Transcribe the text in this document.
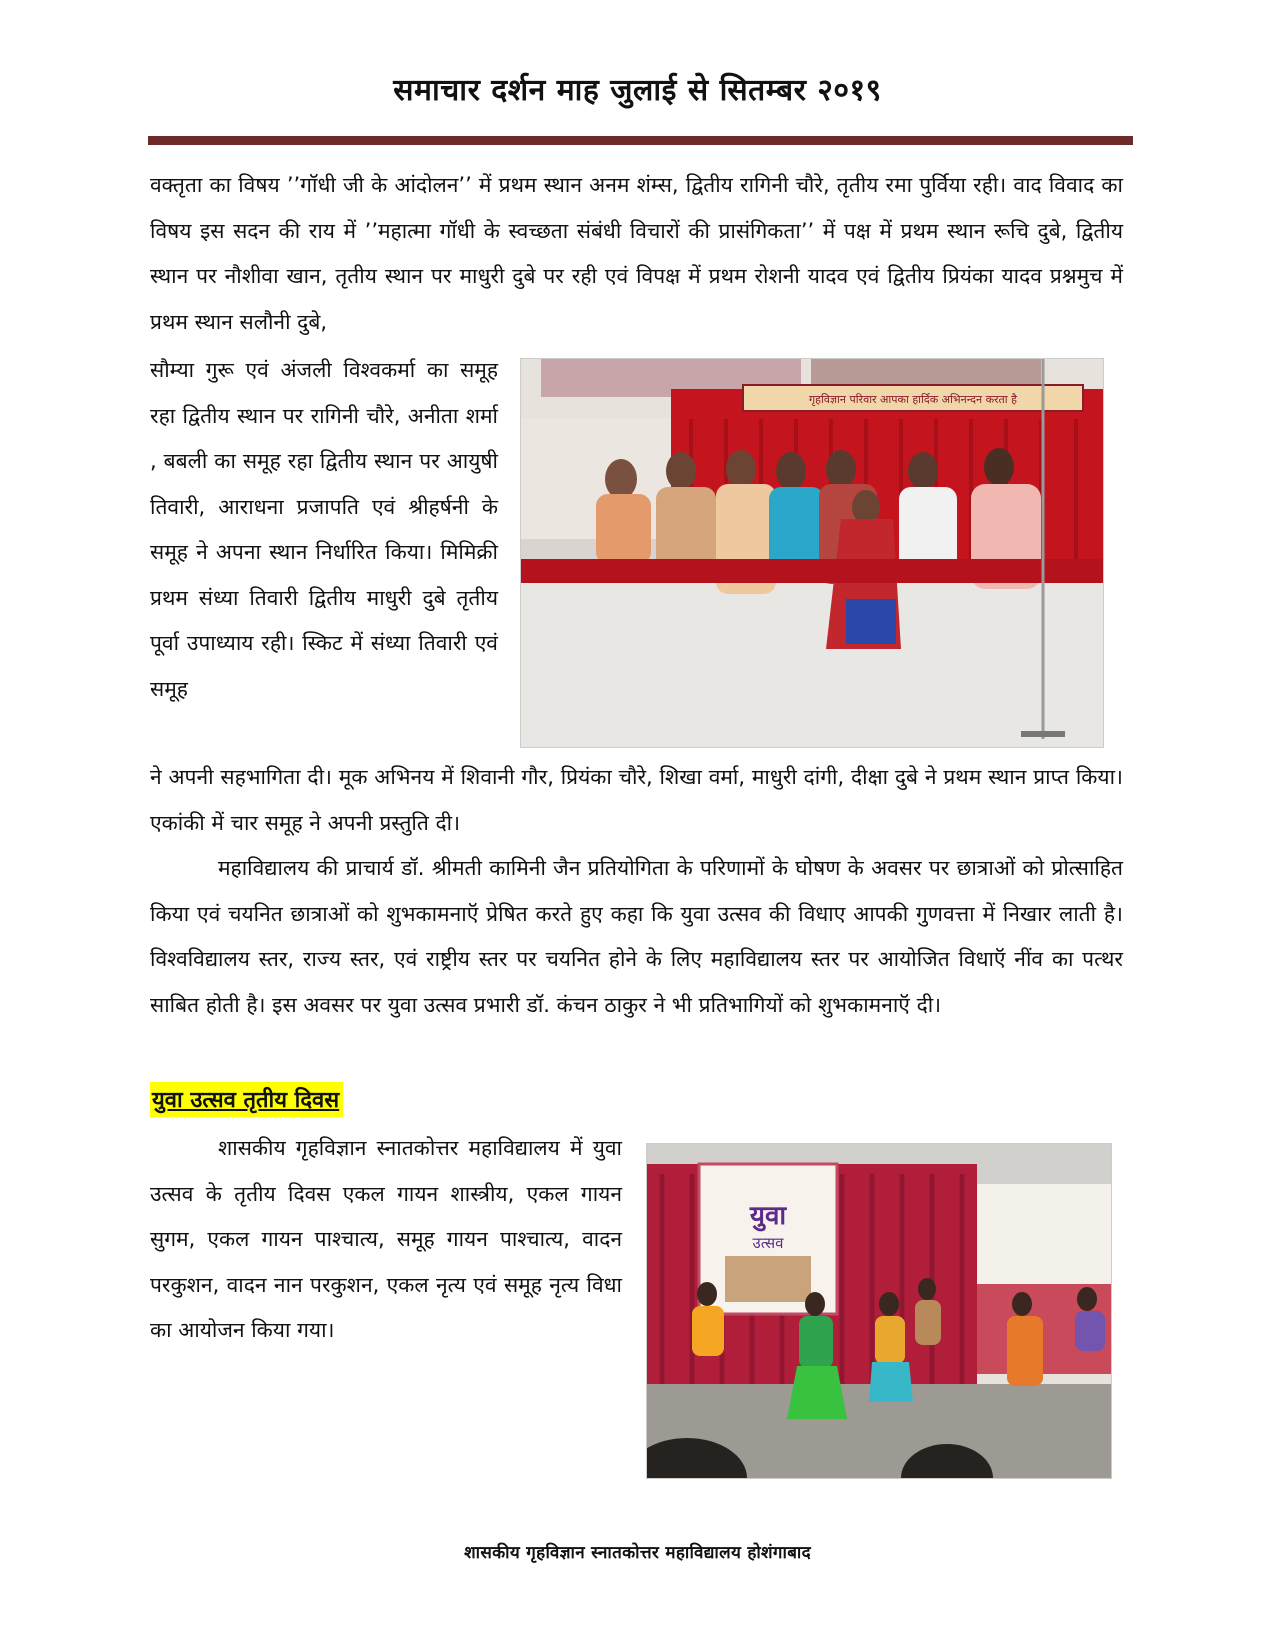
समाचार दर्शन माह जुलाई से सितम्बर २०१९

वक्तृता का विषय ’’गॉधी जी के आंदोलन’’ में प्रथम स्थान अनम शंम्स, द्वितीय रागिनी चौरे, तृतीय रमा पुर्विया रही। वाद विवाद का विषय इस सदन की राय में ’’महात्मा गॉधी के स्वच्छता संबंधी विचारों की प्रासंगिकता’’ में पक्ष में प्रथम स्थान रूचि दुबे, द्वितीय स्थान पर नौशीवा खान, तृतीय स्थान पर माधुरी दुबे पर रही एवं विपक्ष में प्रथम रोशनी यादव एवं द्वितीय प्रियंका यादव प्रश्नमुच में प्रथम स्थान सलौनी दुबे,

सौम्या गुरू एवं अंजली विश्वकर्मा का समूह रहा द्वितीय स्थान पर रागिनी चौरे, अनीता शर्मा , बबली का समूह रहा द्वितीय स्थान पर आयुषी तिवारी, आराधना प्रजापति एवं श्रीहर्षनी के समूह ने अपना स्थान निर्धारित किया। मिमिक्री प्रथम संध्या तिवारी द्वितीय माधुरी दुबे तृतीय पूर्वा उपाध्याय रही। स्किट में संध्या तिवारी एवं समूह

गृहविज्ञान परिवार आपका हार्दिक अभिनन्दन करता है

ने अपनी सहभागिता दी। मूक अभिनय में शिवानी गौर, प्रियंका चौरे, शिखा वर्मा, माधुरी दांगी, दीक्षा दुबे ने प्रथम स्थान प्राप्त किया। एकांकी में चार समूह ने अपनी प्रस्तुति दी।

महाविद्यालय की प्राचार्य डॉ. श्रीमती कामिनी जैन प्रतियोगिता के परिणामों के घोषण के अवसर पर छात्राओं को प्रोत्साहित किया एवं चयनित छात्राओं को शुभकामनाऍ प्रेषित करते हुए कहा कि युवा उत्सव की विधाए आपकी गुणवत्ता में निखार लाती है। विश्वविद्यालय स्तर, राज्य स्तर, एवं राष्ट्रीय स्तर पर चयनित होने के लिए महाविद्यालय स्तर पर आयोजित विधाऍ नींव का पत्थर साबित होती है। इस अवसर पर युवा उत्सव प्रभारी डॉ. कंचन ठाकुर ने भी प्रतिभागियों को शुभकामनाऍ दी।

युवा उत्सव तृतीय दिवस

शासकीय गृहविज्ञान स्नातकोत्तर महाविद्यालय में युवा उत्सव के तृतीय दिवस एकल गायन शास्त्रीय, एकल गायन सुगम, एकल गायन पाश्चात्य, समूह गायन पाश्चात्य, वादन परकुशन, वादन नान परकुशन, एकल नृत्य एवं समूह नृत्य विधा का आयोजन किया गया।

युवा
उत्सव
शासकीय गृहविज्ञान स्नातकोत्तर महाविद्यालय होशंगाबाद
